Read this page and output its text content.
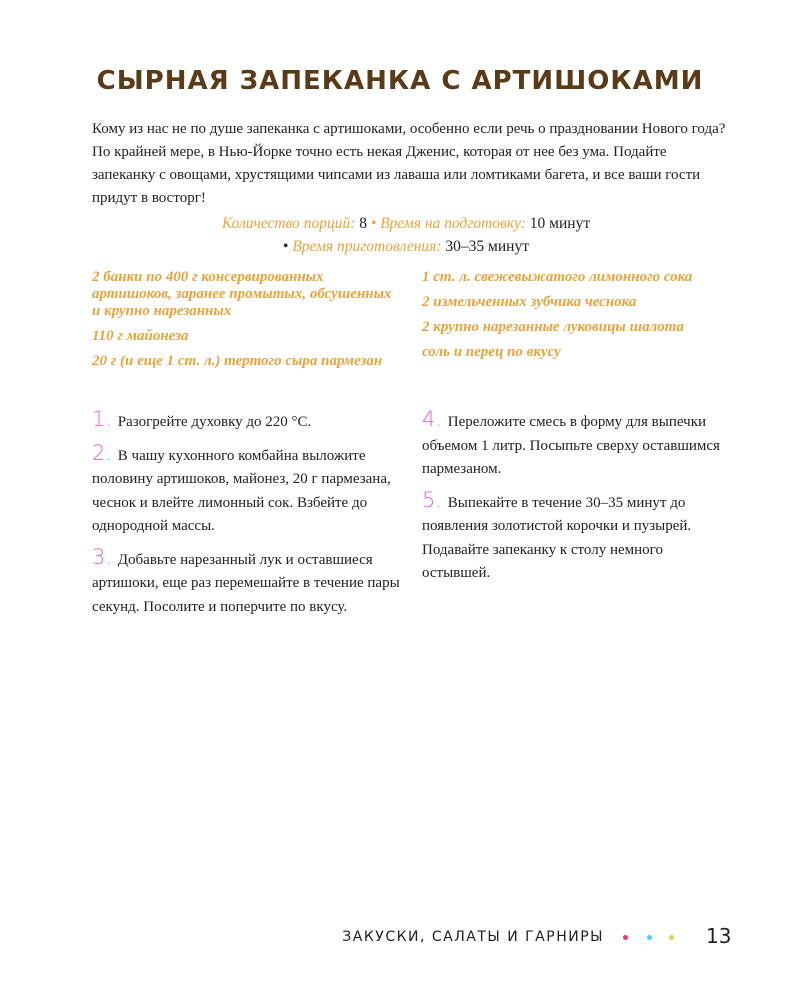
СЫРНАЯ ЗАПЕКАНКА С АРТИШОКАМИ
Кому из нас не по душе запеканка с артишоками, особенно если речь о праздновании Нового года? По крайней мере, в Нью-Йорке точно есть некая Дженис, которая от нее без ума. Подайте запеканку с овощами, хрустящими чипсами из лаваша или ломтиками багета, и все ваши гости придут в восторг!
Количество порций: 8 • Время на подготовку: 10 минут
• Время приготовления: 30–35 минут
2 банки по 400 г консервированных артишоков, заранее промытых, обсушенных и крупно нарезанных
110 г майонеза
20 г (и еще 1 ст. л.) тертого сыра пармезан
1 ст. л. свежевыжатого лимонного сока
2 измельченных зубчика чеснока
2 крупно нарезанные луковицы шалота
соль и перец по вкусу
1. Разогрейте духовку до 220 °C.
2. В чашу кухонного комбайна выложите половину артишоков, майонез, 20 г пармезана, чеснок и влейте лимонный сок. Взбейте до однородной массы.
3. Добавьте нарезанный лук и оставшиеся артишоки, еще раз перемешайте в течение пары секунд. Посолите и поперчите по вкусу.
4. Переложите смесь в форму для выпечки объемом 1 литр. Посыпьте сверху оставшимся пармезаном.
5. Выпекайте в течение 30–35 минут до появления золотистой корочки и пузырей. Подавайте запеканку к столу немного остывшей.
ЗАКУСКИ, САЛАТЫ И ГАРНИРЫ	13
